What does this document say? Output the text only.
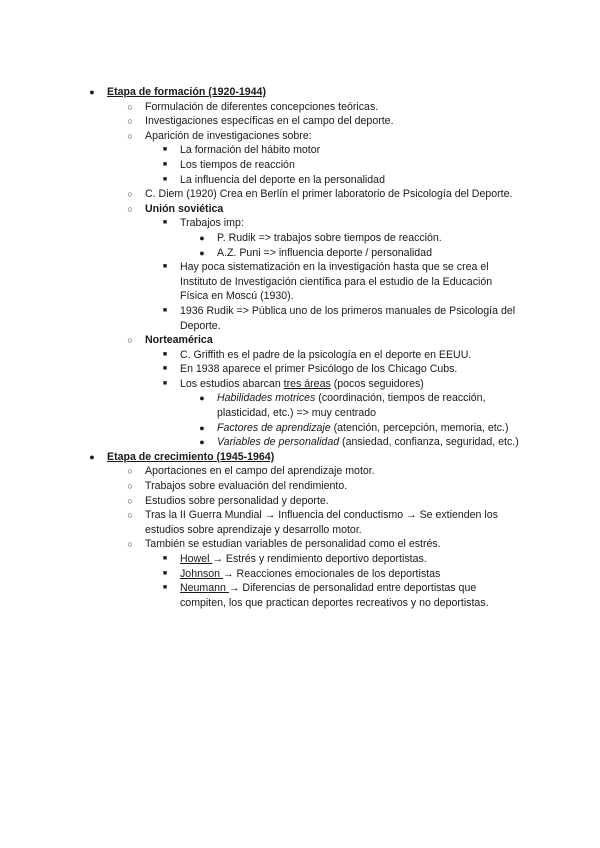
●	Etapa de formación (1920-1944)
○	Formulación de diferentes concepciones teóricas.
○	Investigaciones específicas en el campo del deporte.
○	Aparición de investigaciones sobre:
■	La formación del hábito motor
■	Los tiempos de reacción
■	La influencia del deporte en la personalidad
○	C. Diem (1920) Crea en Berlín el primer laboratorio de Psicología del Deporte.
○	Unión soviética
■	Trabajos imp:
●	P. Rudik => trabajos sobre tiempos de reacción.
●	A.Z. Puni => influencia deporte / personalidad
■	Hay poca sistematización en la investigación hasta que se crea el Instituto de Investigación científica para el estudio de la Educación Física en Moscú (1930).
■	1936 Rudik => Pública uno de los primeros manuales de Psicología del Deporte.
○	Norteamérica
■	C. Griffith es el padre de la psicología en el deporte en EEUU.
■	En 1938 aparece el primer Psicólogo de los Chicago Cubs.
■	Los estudios abarcan tres áreas (pocos seguidores)
●	Habilidades motrices (coordinación, tiempos de reacción, plasticidad, etc.) => muy centrado
●	Factores de aprendizaje (atención, percepción, memoria, etc.)
●	Variables de personalidad (ansiedad, confianza, seguridad, etc.)
●	Etapa de crecimiento (1945-1964)
○	Aportaciones en el campo del aprendizaje motor.
○	Trabajos sobre evaluación del rendimiento.
○	Estudios sobre personalidad y deporte.
○	Tras la II Guerra Mundial → Influencia del conductismo → Se extienden los estudios sobre aprendizaje y desarrollo motor.
○	También se estudian variables de personalidad como el estrés.
■	Howel → Estrés y rendimiento deportivo deportistas.
■	Johnson → Reacciones emocionales de los deportistas
■	Neumann → Diferencias de personalidad entre deportistas que compiten, los que practican deportes recreativos y no deportistas.
